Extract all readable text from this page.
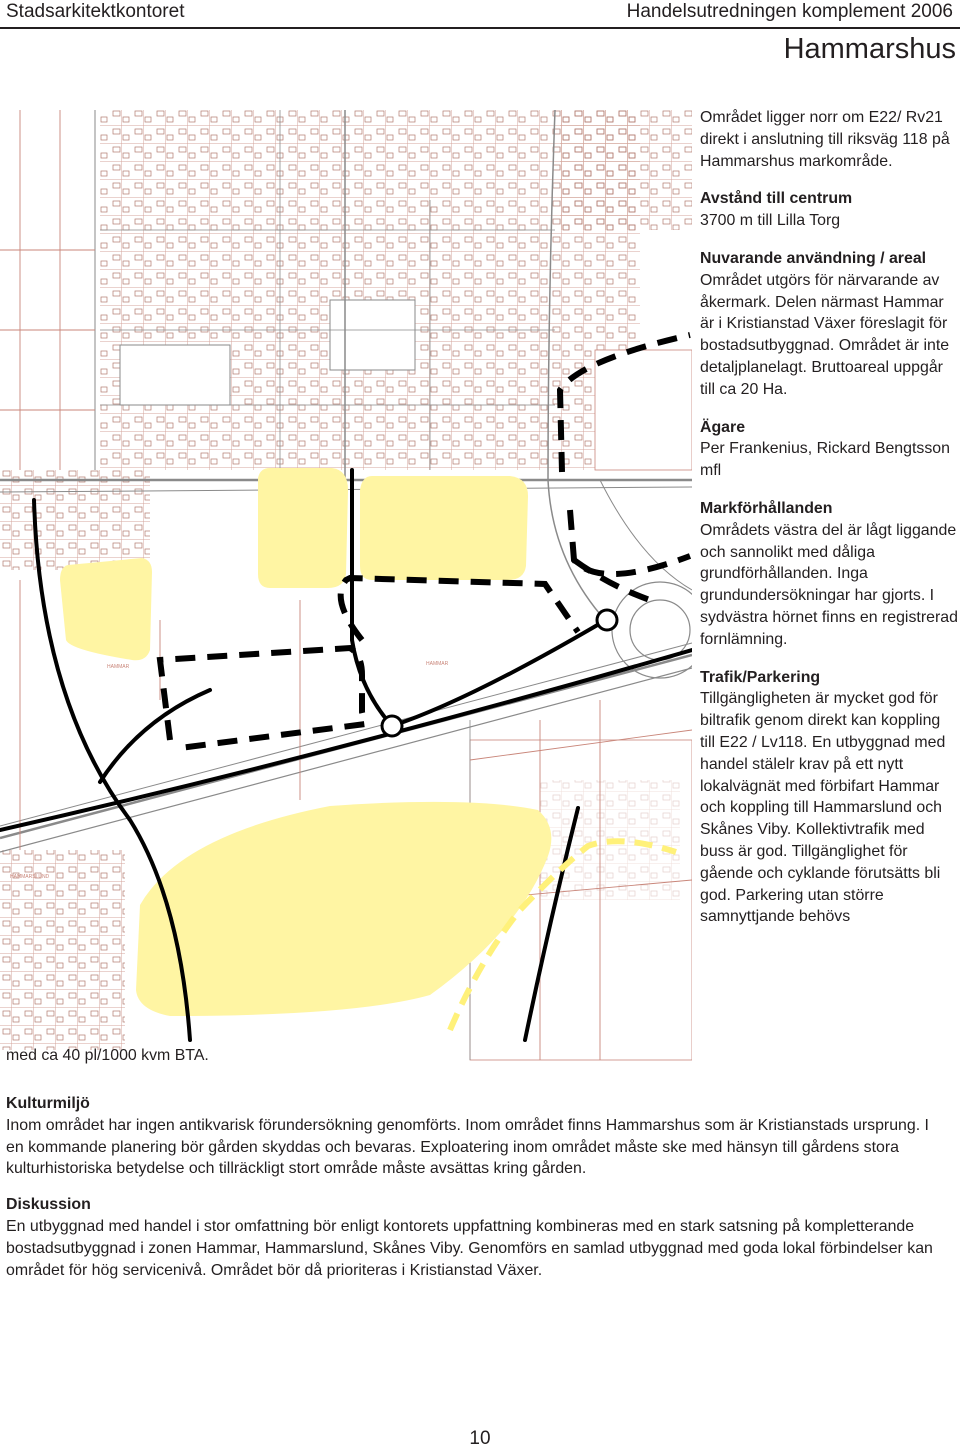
Stadsarkitektkontoret	Handelsutredningen komplement 2006
Hammarshus
HAMMAR	HAMMAR
HAMMARSLUND

Området ligger norr om E22/ Rv21 direkt i anslutning till riksväg 118 på Hammarshus markområde.

Avstånd till centrum
3700 m till Lilla Torg

Nuvarande användning / areal
Området utgörs för närvarande av åkermark. Delen närmast Hammar är i Kristianstad Växer föreslagit för bostadsutbyggnad. Området är inte detaljplanelagt. Bruttoareal uppgår till ca 20 Ha.

Ägare
Per Frankenius, Rickard Bengtsson mfl

Markförhållanden
Områdets västra del är lågt liggande och sannolikt med dåliga grundförhållanden. Inga grundundersökningar har gjorts. I sydvästra hörnet finns en registrerad fornlämning.

Trafik/Parkering
Tillgängligheten är mycket god för biltrafik genom direkt kan koppling till E22 / Lv118. En utbyggnad med handel stälelr krav på ett nytt lokalvägnät med förbifart Hammar och koppling till Hammarslund och Skånes Viby. Kollektivtrafik med buss är god. Tillgänglighet för gående och cyklande förutsätts bli god. Parkering utan större samnyttjande behövs

med ca 40 pl/1000 kvm BTA.

Kulturmiljö
Inom området har ingen antikvarisk förundersökning genomförts. Inom området finns Hammarshus som är Kristianstads ursprung. I en kommande planering bör gården skyddas och bevaras. Exploatering inom området måste ske med hänsyn till gårdens stora kulturhistoriska betydelse och tillräckligt stort område måste avsättas kring gården.

Diskussion
En utbyggnad med handel i stor omfattning bör enligt kontorets uppfattning kombineras med en stark satsning på kompletterande bostadsutbyggnad i zonen Hammar, Hammarslund, Skånes Viby. Genomförs en samlad utbyggnad med goda lokal förbindelser kan området för hög servicenivå. Området bör då prioriteras i Kristianstad Växer.

10
